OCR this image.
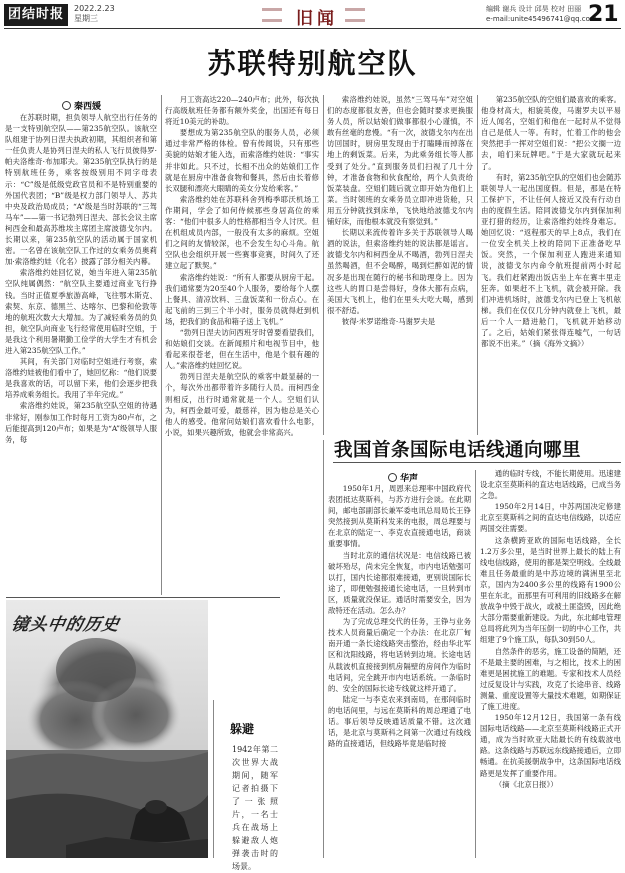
团结时报	2022.2.23
星期三	旧闻	编辑 谢兵 设计 邱昊 校对 田丽
e-mail:unite45496741@qq.com
21
苏联特别航空队
秦西媛

在苏联时期，担负领导人航空出行任务的是一支特别航空队——第235航空队。该航空队组建于协列日涅夫执政初期，其组织者和第一任负责人是协列日涅夫的私人飞行员彼得罗·帕夫洛维奇·布加耶夫。第235航空队执行的是特别航班任务，乘客按级别用不同字母表示：“C”级是低级党政官员和不是特别重要的外国代表团；“B”级是权力部门领导人、苏共中央及政治局成员；“A”级是当时苏联的“三驾马车”——第一书记勃列日涅夫、部长会议主席柯西金和最高苏维埃主席团主席波德戈尔内。长期以来，第235航空队的活动属于国家机密。一名曾在该航空队工作过的女乘务员奥莉加·索洛维约娃（化名）披露了部分相关内幕。

索洛维约娃回忆说，她当年进入第235航空队纯属偶然：“航空队主要通过商业飞行挣钱。当时正值夏季旅游高峰，飞往鄂木斯克、索契、东京、德黑兰、达喀尔、巴黎和伦敦等地的航班次数大大增加。为了减轻乘务员的负担，航空队向商业飞行经常使用临时空姐，于是我这个利用暑期勤工俭学的大学生才有机会进入第235航空队工作。”

其间，有关部门对临时空姐进行考察，索洛维约娃被他们看中了，她回忆称：“他们说要是我喜欢的话，可以留下来，他们会逐步把我培养成乘务组长。我用了半年完成。”

索洛维约娃说，第235航空队空姐的待遇非常好，刚参加工作时每月工资为80卢布，之后能提高到120卢布；如果是为“A”级领导人服务，每

月工资高达220—240卢布；此外，每次执行高级航班任务都有额外奖金，出国还有每日将近10美元的补助。

要想成为第235航空队的服务人员，必须通过非常严格的体检。曾有传闻说，只有那些美貌的姑娘才能入选，而索洛维约娃说：“事实并非如此。只不过，长相不出众的姑娘们工作就是在厨房中准备食物和餐具，然后由长着修长双腿和漂亮大眼睛的美女分发给乘客。”

索洛维约娃在苏联科舍列梅季耶沃机场工作期间，学会了如何侍候那些身居高位的乘客：“他们中很多人的性格都相当令人讨厌。但在机组成员内部，一般没有太多的麻烦。空姐们之间的友情较深，也不会发生勾心斗角。航空队也会组织开展一些赛事竞赛，时间久了还建立起了默契。”

索洛维约娃说：“所有人都要从厨房干起。我们通常要为20至40个人服务，要给每个人摆上餐具、清凉饮料、三盘饭菜和一份点心。在起飞前的三到三个半小时，服务员就得赶到机场，把我们的食品和箱子送上飞机。”

“勃列日涅夫访问西班牙时曾要看望我们，和姑娘们交谈。在新闻照片和电视节目中，他看起来很苍老，但在生活中，他是个很有趣的人。”索洛维约娃回忆说。

勃列日涅夫是航空队的乘客中最显赫的一个，每次外出都带着许多随行人员。而柯西金则相反，出行时通常就是一个人。空姐们认为，柯西金最可爱，最慈祥，因为他总是关心他人的感受。他常问姑娘们喜欢看什么电影，小说，如果兴趣所致，他就会非常高兴。

索洛维约娃说，虽然“三驾马车”对空姐们的态度都很友善，但也会随时要求更换服务人员，所以姑娘们做事都很小心谨慎，不敢有丝毫的怠慢。“有一次，波德戈尔内在出访回国时，厨房里发现由于打瞌睡而掉落在地上的剩饭菜。后来，为此乘务组长等人都受到了处分。”直到服务员们扫视了几十分钟，才准备食物和伙食配给，两个人负责给饭菜装盘。空姐们随后就立即开始为他们上菜。当时领班的女乘务员立即冲进货舱，只用五分钟就找到床单，飞快地给波德戈尔内铺好床，而他根本就没有察觉到。”

长期以来流传着许多关于苏联领导人喝酒的说法，但索洛维约娃的说法都是谣言。波德戈尔内和柯西金从不喝酒，勃列日涅夫虽然喝酒，但不会喝醉，喝到烂醉如泥的情况多是出现在随行的秘书和助理身上。因为这些人的胃口是尝得好，身体大都有点病，美国大飞机上，他们在里头大吃大喝，感到很不舒适。

彼得·米罗诺维奇·马谢罗夫是

第235航空队的空姐们最喜欢的乘客。他身材高大，相貌英俊，马谢罗夫以平易近人闻名，空姐们和他在一起时从不觉得自己是低人一等。有时，忙着工作的他会突然把手一挥对空姐们说：“把公文搁一边去，咱们来玩牌吧。”于是大家就玩起来了。

有时，第235航空队的空姐们也会随苏联领导人一起出国度假。但是，那是在特工保护下，不让任何人接近又没有行动自由的度假生活。陪同波德戈尔内到保加利亚打猎的经历，让索洛维约娃终身难忘。她回忆说：“返程那天的早上8点，我们在一位安全机关上校的陪同下正准备吃早饭。突然，一个保加利亚人跑进来通知说，波德戈尔内命令航班提前两小时起飞。我们赶紧跑出饭店坐上车在赛丰里走狂奔。如果赶不上飞机，就会被开除。我们冲进机场时，波德戈尔内已登上飞机舷梯。我们在仅仅几分钟内就登上飞机，最后一个人一踏进舱门，飞机就开始移动了。之后，姑娘们紧张得连嘘气，一句话都说不出来。”（摘《海外文摘》）

镜头中的历史
躲避
1942年第二次世界大战期间，随军记者拍摄下了一张照片，一名士兵在战场上躲避敌人炮弹袭击时的场景。
我国首条国际电话线通向哪里
华声

1950年1月，周恩来总理率中国政府代表团抵达莫斯科，与苏方进行会谈。在此期间，邮电部副部长兼军委电讯总局局长王铮突然接到从莫斯科发来的电报，周总理要与在北京的陆定一、李克农直接通电话，商谈重要事情。

当时北京的通信状况是：电信线路已被破坏殆尽，尚未完全恢复，市内电话勉强可以打，国内长途都很难接通，更别说国际长途了，即便勉强接通长途电话，一旦转到市区，质量就没保证。通话时需要安全，因为敌特还在活动。怎么办？

为了完成总理交代的任务，王铮与业务技术人员商量后确定一个办法：在北京厂甸南开通一条长途线路突击整治，经由华北军区和沈阳线路，将电话转到边境。长途电话从载波机直接接到机房隔壁的房间作为临时电话间，完全跳开市内电话系统。一条临时的、安全的国际长途专线就这样开通了。

陆定一与李克农来到南局，在那间临时的电话间里，与远在莫斯科的周总理通了电话。事后领导反映通话质量不错。这次通话，是北京与莫斯科之间第一次通过有线线路的直接通话，但线路毕竟是临时接

通的临时专线，不能长期使用。迅速建设北京至莫斯科的直达电话线路，已成当务之急。

1950年2月14日，中苏两国决定修建北京至莫斯科之间的直达电信线路，以适应两国交往需要。

这条横跨亚欧的国际电话线路，全长1.2万多公里，是当时世界上最长的陆上有线电信线路，使用的都是架空明线。全线最难且任务最重的是中苏边境的满洲里至北京，国内为2400多公里的线路有1900公里在东北，而那里有可利用的旧线路多在解放战争中毁于战火，或被土匪盗毁，因此绝大部分需要重新建设。为此，东北邮电管理总局将此列为当年压倒一切的中心工作，共组建了9个施工队，每队30到50人。

自然条件的恶劣，施工设备的简陋，还不是最主要的困难，与之相比，技术上的困难更是困扰施工的难题。专家和技术人员经过反复设计与实践，攻克了长途串音、线路测量、重度设置等大量技术难题，如期保证了施工进度。

1950年12月12日，我国第一条有线国际电话线路——北京至莫斯科线路正式开通，成为当时欧亚大陆最长的有线载波电路。这条线路与苏联远东线路接通后，立即畅通。在抗美援朝战争中，这条国际电话线路更是发挥了重要作用。

（摘《北京日报》）
